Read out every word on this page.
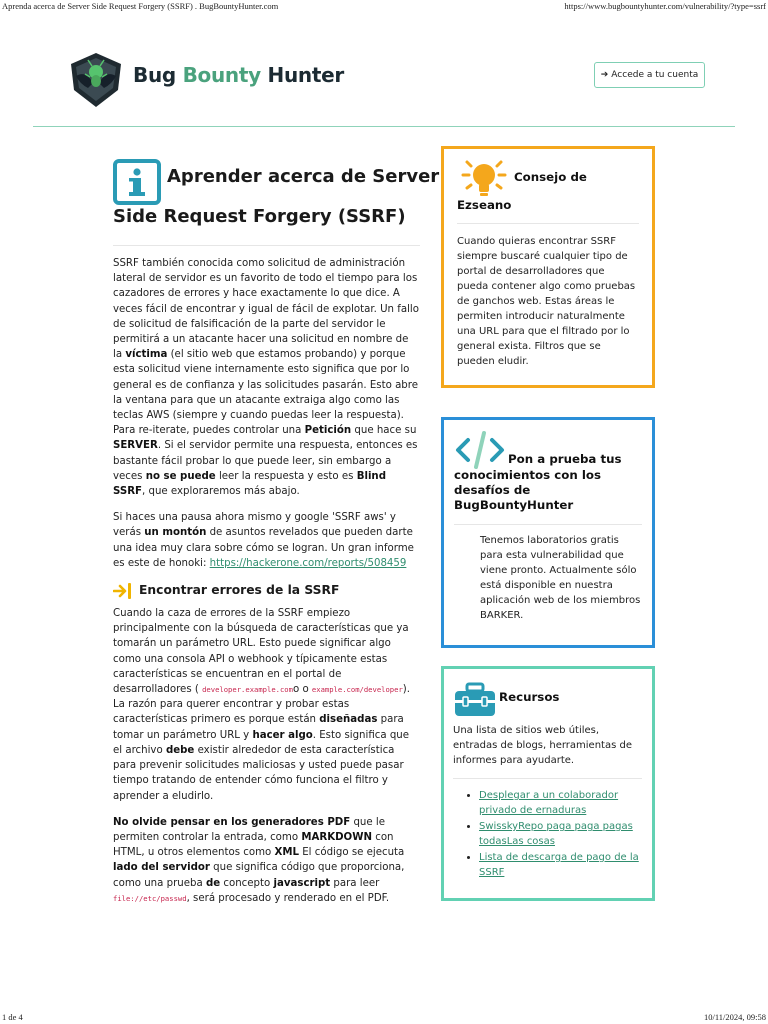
Aprenda acerca de Server Side Request Forgery (SSRF) . BugBountyHunter.com	https://www.bugbountyhunter.com/vulnerability/?type=ssrf
Bug Bounty Hunter	➔ Accede a tu cuenta
Aprender acerca de Server
Side Request Forgery (SSRF)

SSRF también conocida como solicitud de administración lateral de servidor es un favorito de todo el tiempo para los cazadores de errores y hace exactamente lo que dice. A veces fácil de encontrar y igual de fácil de explotar. Un fallo de solicitud de falsificación de la parte del servidor le permitirá a un atacante hacer una solicitud en nombre de la víctima (el sitio web que estamos probando) y porque esta solicitud viene internamente esto significa que por lo general es de confianza y las solicitudes pasarán. Esto abre la ventana para que un atacante extraiga algo como las teclas AWS (siempre y cuando puedas leer la respuesta). Para re-iterate, puedes controlar una Petición que hace su SERVER. Si el servidor permite una respuesta, entonces es bastante fácil probar lo que puede leer, sin embargo a veces no se puede leer la respuesta y esto es Blind SSRF, que exploraremos más abajo.

Si haces una pausa ahora mismo y google 'SSRF aws' y verás un montón de asuntos revelados que pueden darte una idea muy clara sobre cómo se logran. Un gran informe es este de honoki: https://hackerone.com/reports/508459

Encontrar errores de la SSRF

Cuando la caza de errores de la SSRF empiezo principalmente con la búsqueda de características que ya tomarán un parámetro URL. Esto puede significar algo como una consola API o webhook y típicamente estas características se encuentran en el portal de desarrolladores ( developer.example.como o example.com/developer). La razón para querer encontrar y probar estas características primero es porque están diseñadas para tomar un parámetro URL y hacer algo. Esto significa que el archivo debe existir alrededor de esta característica para prevenir solicitudes maliciosas y usted puede pasar tiempo tratando de entender cómo funciona el filtro y aprender a eludirlo.

No olvide pensar en los generadores PDF que le permiten controlar la entrada, como MARKDOWN con HTML, u otros elementos como XML El código se ejecuta lado del servidor que significa código que proporciona, como una prueba de concepto javascript para leer file://etc/passwd, será procesado y renderado en el PDF.

Consejo de
Ezseano
Cuando quieras encontrar SSRF siempre buscaré cualquier tipo de portal de desarrolladores que pueda contener algo como pruebas de ganchos web. Estas áreas le permiten introducir naturalmente una URL para que el filtrado por lo general exista. Filtros que se pueden eludir.
Pon a prueba tus
conocimientos con los desafíos de BugBountyHunter
Tenemos laboratorios gratis para esta vulnerabilidad que viene pronto. Actualmente sólo está disponible en nuestra aplicación web de los miembros BARKER.
Recursos
Una lista de sitios web útiles, entradas de blogs, herramientas de informes para ayudarte.
• Desplegar a un colaborador privado de ernaduras
• SwisskyRepo paga paga pagas todasLas cosas
• Lista de descarga de pago de la SSRF
1 de 4	10/11/2024, 09:58
